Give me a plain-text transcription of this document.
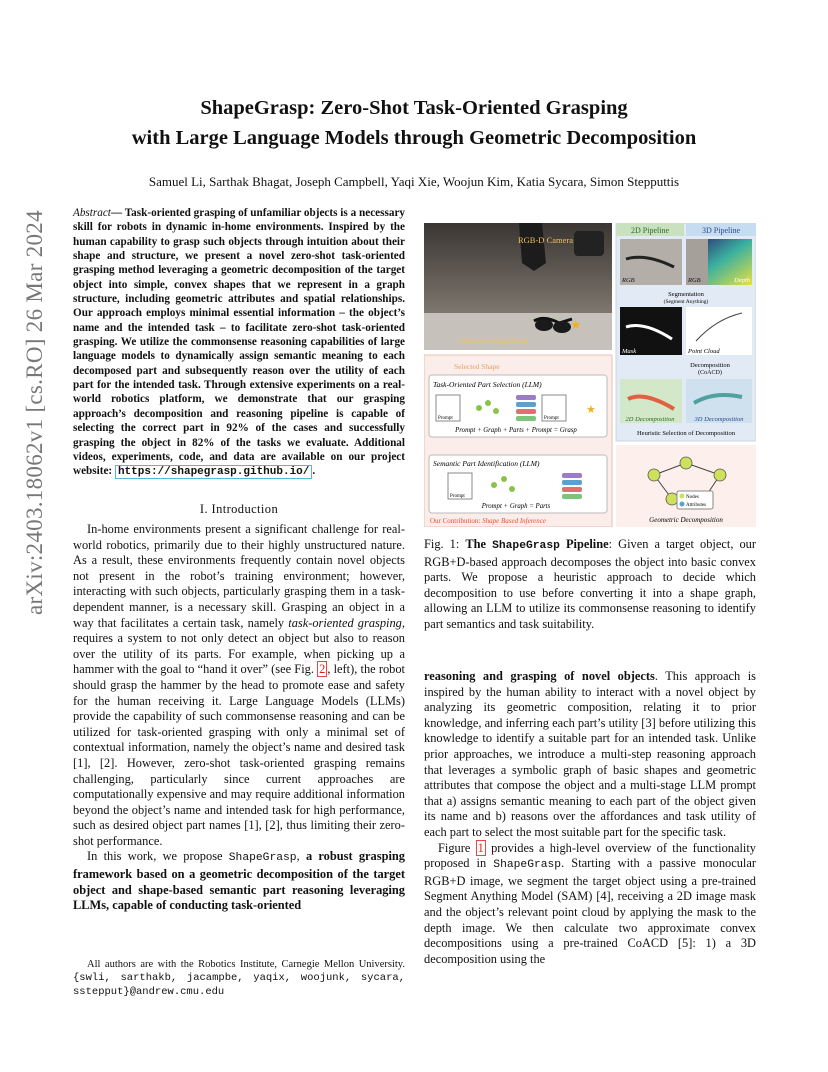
ShapeGrasp: Zero-Shot Task-Oriented Grasping
with Large Language Models through Geometric Decomposition
Samuel Li, Sarthak Bhagat, Joseph Campbell, Yaqi Xie, Woojun Kim, Katia Sycara, Simon Stepputtis
arXiv:2403.18062v1 [cs.RO] 26 Mar 2024	Abstract— Task-oriented grasping of unfamiliar objects is a necessary skill for robots in dynamic in-home environments. Inspired by the human capability to grasp such objects through intuition about their shape and structure, we present a novel zero-shot task-oriented grasping method leveraging a geometric decomposition of the target object into simple, convex shapes that we represent in a graph structure, including geometric attributes and spatial relationships. Our approach employs minimal essential information – the object’s name and the intended task – to facilitate zero-shot task-oriented grasping. We utilize the commonsense reasoning capabilities of large language models to dynamically assign semantic meaning to each decomposed part and subsequently reason over the utility of each part for the intended task. Through extensive experiments on a real-world robotics platform, we demonstrate that our grasping approach’s decomposition and reasoning pipeline is capable of selecting the correct part in 92% of the cases and successfully grasping the object in 82% of the tasks we evaluate. Additional videos, experiments, code, and data are available on our project website: https://shapegrasp.github.io/ .
I. Introduction

In-home environments present a significant challenge for real-world robotics, primarily due to their highly unstructured nature. As a result, these environments frequently contain novel objects not present in the robot’s training environment; however, interacting with such objects, particularly grasping them in a task-dependent manner, is a necessary skill. Grasping an object in a way that facilitates a certain task, namely task-oriented grasping, requires a system to not only detect an object but also to reason over the utility of its parts. For example, when picking up a hammer with the goal to “hand it over” (see Fig. 2 , left), the robot should grasp the hammer by the head to promote ease and safety for the human receiving it. Large Language Models (LLMs) provide the capability of such commonsense reasoning and can be utilized for task-oriented grasping with only a minimal set of contextual information, namely the object’s name and desired task [1], [2]. However, zero-shot task-oriented grasping remains challenging, particularly since current approaches are computationally expensive and may require additional information beyond the object’s name and intended task for high performance, such as desired object part names [1], [2], thus limiting their zero-shot performance.

In this work, we propose ShapeGrasp, a robust grasping framework based on a geometric decomposition of the target object and shape-based semantic part reasoning leveraging LLMs, capable of conducting task-oriented

All authors are with the Robotics Institute, Carnegie Mellon University. {swli, sarthakb, jacampbe, yaqix, woojunk, sycara, sstepput}@andrew.cmu.edu

★
RGB-D Camera
Inferred Grasp Point
2D Pipeline	3D Pipeline
RGB	RGB	Depth
Segmentation
(Segment Anything)
Mask	Point Cloud
Decomposition
(CoACD)
2D Decomposition	3D Decomposition
Heuristic Selection of Decomposition
Selected Shape
Task-Oriented Part Selection (LLM)
Prompt	Prompt
★
Prompt + Graph + Parts + Prompt = Grasp
Semantic Part Identification (LLM)
Prompt
Prompt + Graph = Parts
Our Contribution: Shape Based Inference
Nodes
Attributes
Geometric Decomposition
Fig. 1: The ShapeGrasp Pipeline: Given a target object, our RGB+D-based approach decomposes the object into basic convex parts. We propose a heuristic approach to decide which decomposition to use before converting it into a shape graph, allowing an LLM to utilize its commonsense reasoning to identify part semantics and task suitability.

reasoning and grasping of novel objects. This approach is inspired by the human ability to interact with a novel object by analyzing its geometric composition, relating it to prior knowledge, and inferring each part’s utility [3] before utilizing this knowledge to identify a suitable part for an intended task. Unlike prior approaches, we introduce a multi-step reasoning approach that leverages a symbolic graph of basic shapes and geometric attributes that compose the object and a multi-stage LLM prompt that a) assigns semantic meaning to each part of the object given its name and b) reasons over the affordances and task utility of each part to select the most suitable part for the specific task.

Figure 1 provides a high-level overview of the functionality proposed in ShapeGrasp. Starting with a passive monocular RGB+D image, we segment the target object using a pre-trained Segment Anything Model (SAM) [4], receiving a 2D image mask and the object’s relevant point cloud by applying the mask to the depth image. We then calculate two approximate convex decompositions using a pre-trained CoACD [5]: 1) a 3D decomposition using the
